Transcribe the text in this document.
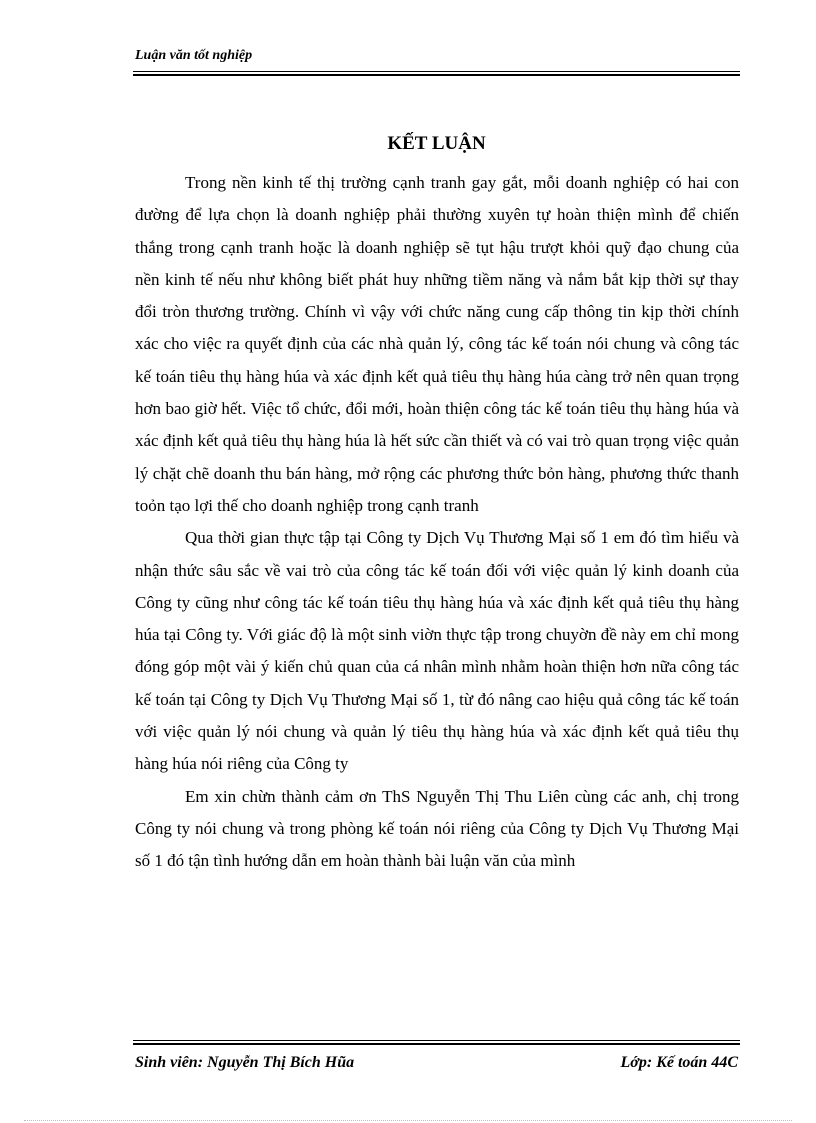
Luận văn tốt nghiệp
KẾT LUẬN

Trong nền kinh tế thị trường cạnh tranh gay gắt, mỗi doanh nghiệp có hai con đường để lựa chọn là doanh nghiệp phải thường xuyên tự hoàn thiện mình để chiến thắng trong cạnh tranh hoặc là doanh nghiệp sẽ tụt hậu trượt khỏi quỹ đạo chung của nền kinh tế nếu như không biết phát huy những tiềm năng và nắm bắt kịp thời sự thay đổi tròn thương trường. Chính vì vậy với chức năng cung cấp thông tin kịp thời chính xác cho việc ra quyết định của các nhà quản lý, công tác kế toán nói chung và công tác kế toán tiêu thụ hàng húa và xác định kết quả tiêu thụ hàng húa càng trở nên quan trọng hơn bao giờ hết. Việc tổ chức, đổi mới, hoàn thiện công tác kế toán tiêu thụ hàng húa và xác định kết quả tiêu thụ hàng húa là hết sức cần thiết và có vai trò quan trọng việc quản lý chặt chẽ doanh thu bán hàng, mở rộng các phương thức bỏn hàng, phương thức thanh toỏn tạo lợi thế cho doanh nghiệp trong cạnh tranh

Qua thời gian thực tập tại Công ty Dịch Vụ Thương Mại số 1 em đó tìm hiểu và nhận thức sâu sắc về vai trò của công tác kế toán đối với việc quản lý kinh doanh của Công ty cũng như công tác kế toán tiêu thụ hàng húa và xác định kết quả tiêu thụ hàng húa tại Công ty. Với giác độ là một sinh viờn thực tập trong chuyờn đề này em chỉ mong đóng góp một vài ý kiến chủ quan của cá nhân mình nhằm hoàn thiện hơn nữa công tác kế toán tại Công ty Dịch Vụ Thương Mại số 1, từ đó nâng cao hiệu quả công tác kế toán với việc quản lý nói chung và quản lý tiêu thụ hàng húa và xác định kết quả tiêu thụ hàng húa nói riêng của Công ty

Em xin chừn thành cảm ơn ThS Nguyễn Thị Thu Liên cùng các anh, chị trong Công ty nói chung và trong phòng kế toán nói riêng của Công ty Dịch Vụ Thương Mại số 1 đó tận tình hướng dẫn em hoàn thành bài luận văn của mình

Sinh viên: Nguyễn Thị Bích Hũa	Lớp: Kế toán 44C
